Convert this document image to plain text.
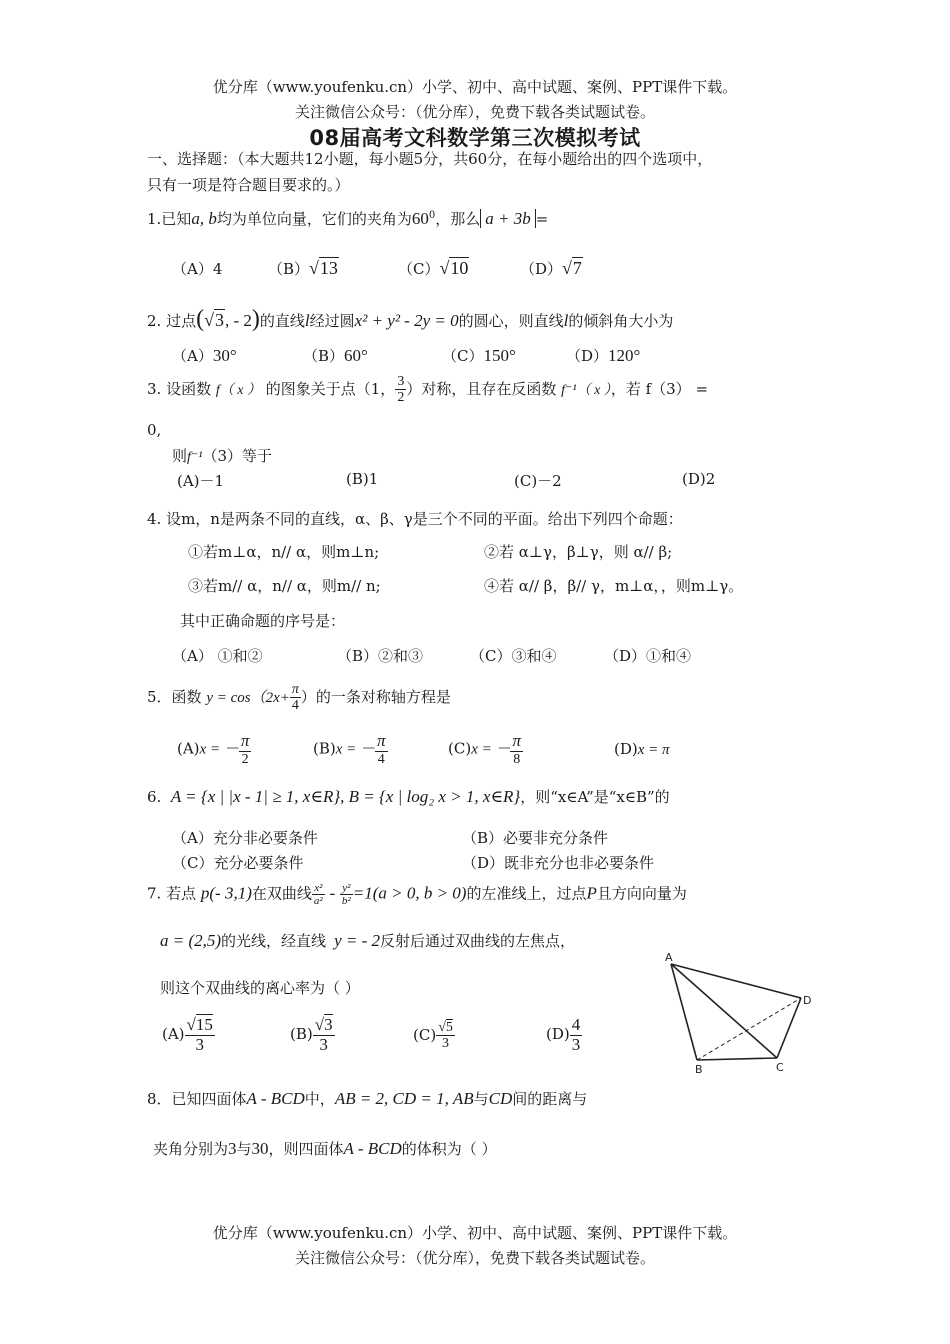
优分库（www.youfenku.cn）小学、初中、高中试题、案例、PPT课件下载。
关注微信公众号：（优分库），免费下载各类试题试卷。
08届高考文科数学第三次模拟考试
一、选择题：（本大题共12小题，每小题5分，共60分，在每小题给出的四个选项中，
只有一项是符合题目要求的。）
1.已知a, b均为单位向量，它们的夹角为$60^0$，那么 a + 3b =
（A）4	（B）√13	（C）√10	（D）√7
2. 过点(√3, - 2)的直线l经过圆x² + y² - 2y = 0的圆心，则直线l的倾斜角大小为
（A）30°	（B）60°	（C）150°	（D）120°
3. 设函数 f（ x ） 的图象关于点（1， $\frac{3}{2}$ ）对称，且存在反函数 f⁻¹（ x ），若 f（3） =
0,
则f⁻¹（3）等于
(A)－1	(B)1	(C)－2	(D)2
4. 设m，n是两条不同的直线，α、β、γ是三个不同的平面。给出下列四个命题：
①若m⊥α，n// α，则m⊥n;	②若 α⊥γ，β⊥γ，则 α// β;
③若m// α，n// α，则m// n;	④若 α// β，β// γ，m⊥α，，则m⊥γ。
其中正确命题的序号是：
（A） ①和②	（B）②和③	（C）③和④	（D）①和④
5．函数 $y = \cos(2x+ \frac{\pi}{4}$ ）的一条对称轴方程是
(A)x = － $\frac{\pi}{2}$	(B)x = － $\frac{\pi}{4}$	(C)x = － $\frac{\pi}{8}$	(D)x = π
6. A = {x | |x - 1| ≥ 1, x∈R}, B = {x | log₂ x > 1, x∈R}，则“x∈A”是“x∈B”的
（A）充分非必要条件	（B）必要非充分条件
（C）充分必要条件	（D）既非充分也非必要条件
7. 若点 p(- 3,1)在双曲线 $\frac{\text{x²}}{\text{a²}} - \frac{\text{y²}}{\text{b²}} =1(a > 0$, b > 0)的左准线上，过点P且方向向量为
a = (2,5)的光线，经直线 y = - 2反射后通过双曲线的左焦点，
则这个双曲线的离心率为（ ）
$(A) \frac{√15}{3}$	$(B) \frac{√3}{3}$	$(C) \frac{√5}{3}$	$(D) \frac{4}{3}$
A
B	C
D
8．已知四面体A - BCD中，AB = 2, CD = 1, AB与CD间的距离与
夹角分别为3与30，则四面体A - BCD的体积为（ ）
优分库（www.youfenku.cn）小学、初中、高中试题、案例、PPT课件下载。
关注微信公众号：（优分库），免费下载各类试题试卷。
